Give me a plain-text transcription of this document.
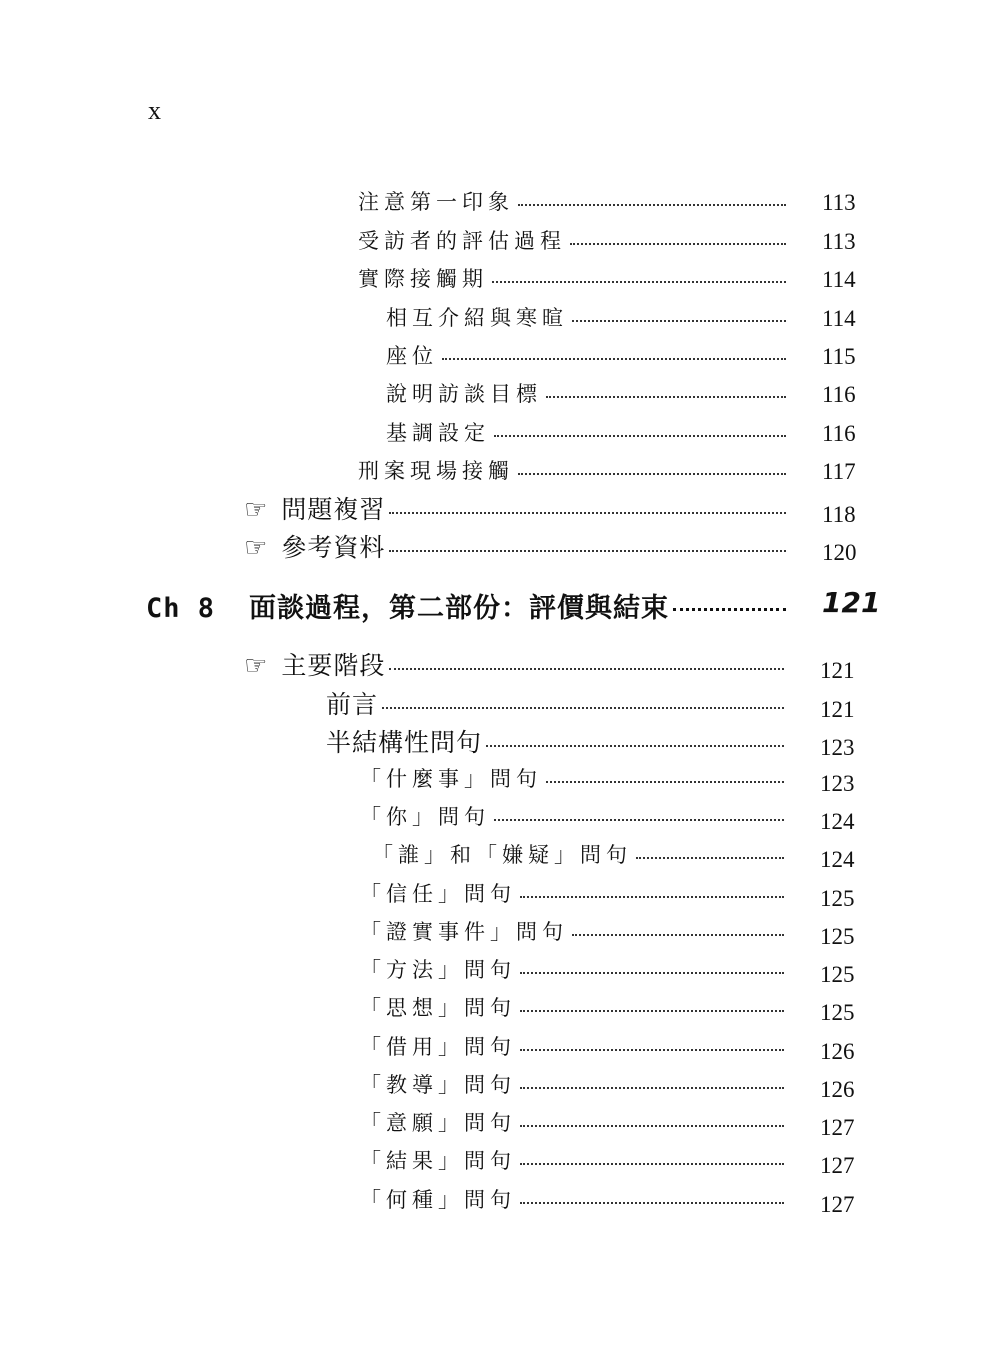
x
注意第一印象	113
受訪者的評估過程	113
實際接觸期	114
相互介紹與寒暄	114
座位	115
說明訪談目標	116
基調設定	116
刑案現場接觸	117
☞ 問題複習	118
☞ 參考資料	120
Ch 8 面談過程，第二部份：評價與結束	121
☞ 主要階段	121
前言	121
半結構性問句	123
「什麼事」問句	123
「你」問句	124
「誰」和「嫌疑」問句	124
「信任」問句	125
「證實事件」問句	125
「方法」問句	125
「思想」問句	125
「借用」問句	126
「教導」問句	126
「意願」問句	127
「結果」問句	127
「何種」問句	127
